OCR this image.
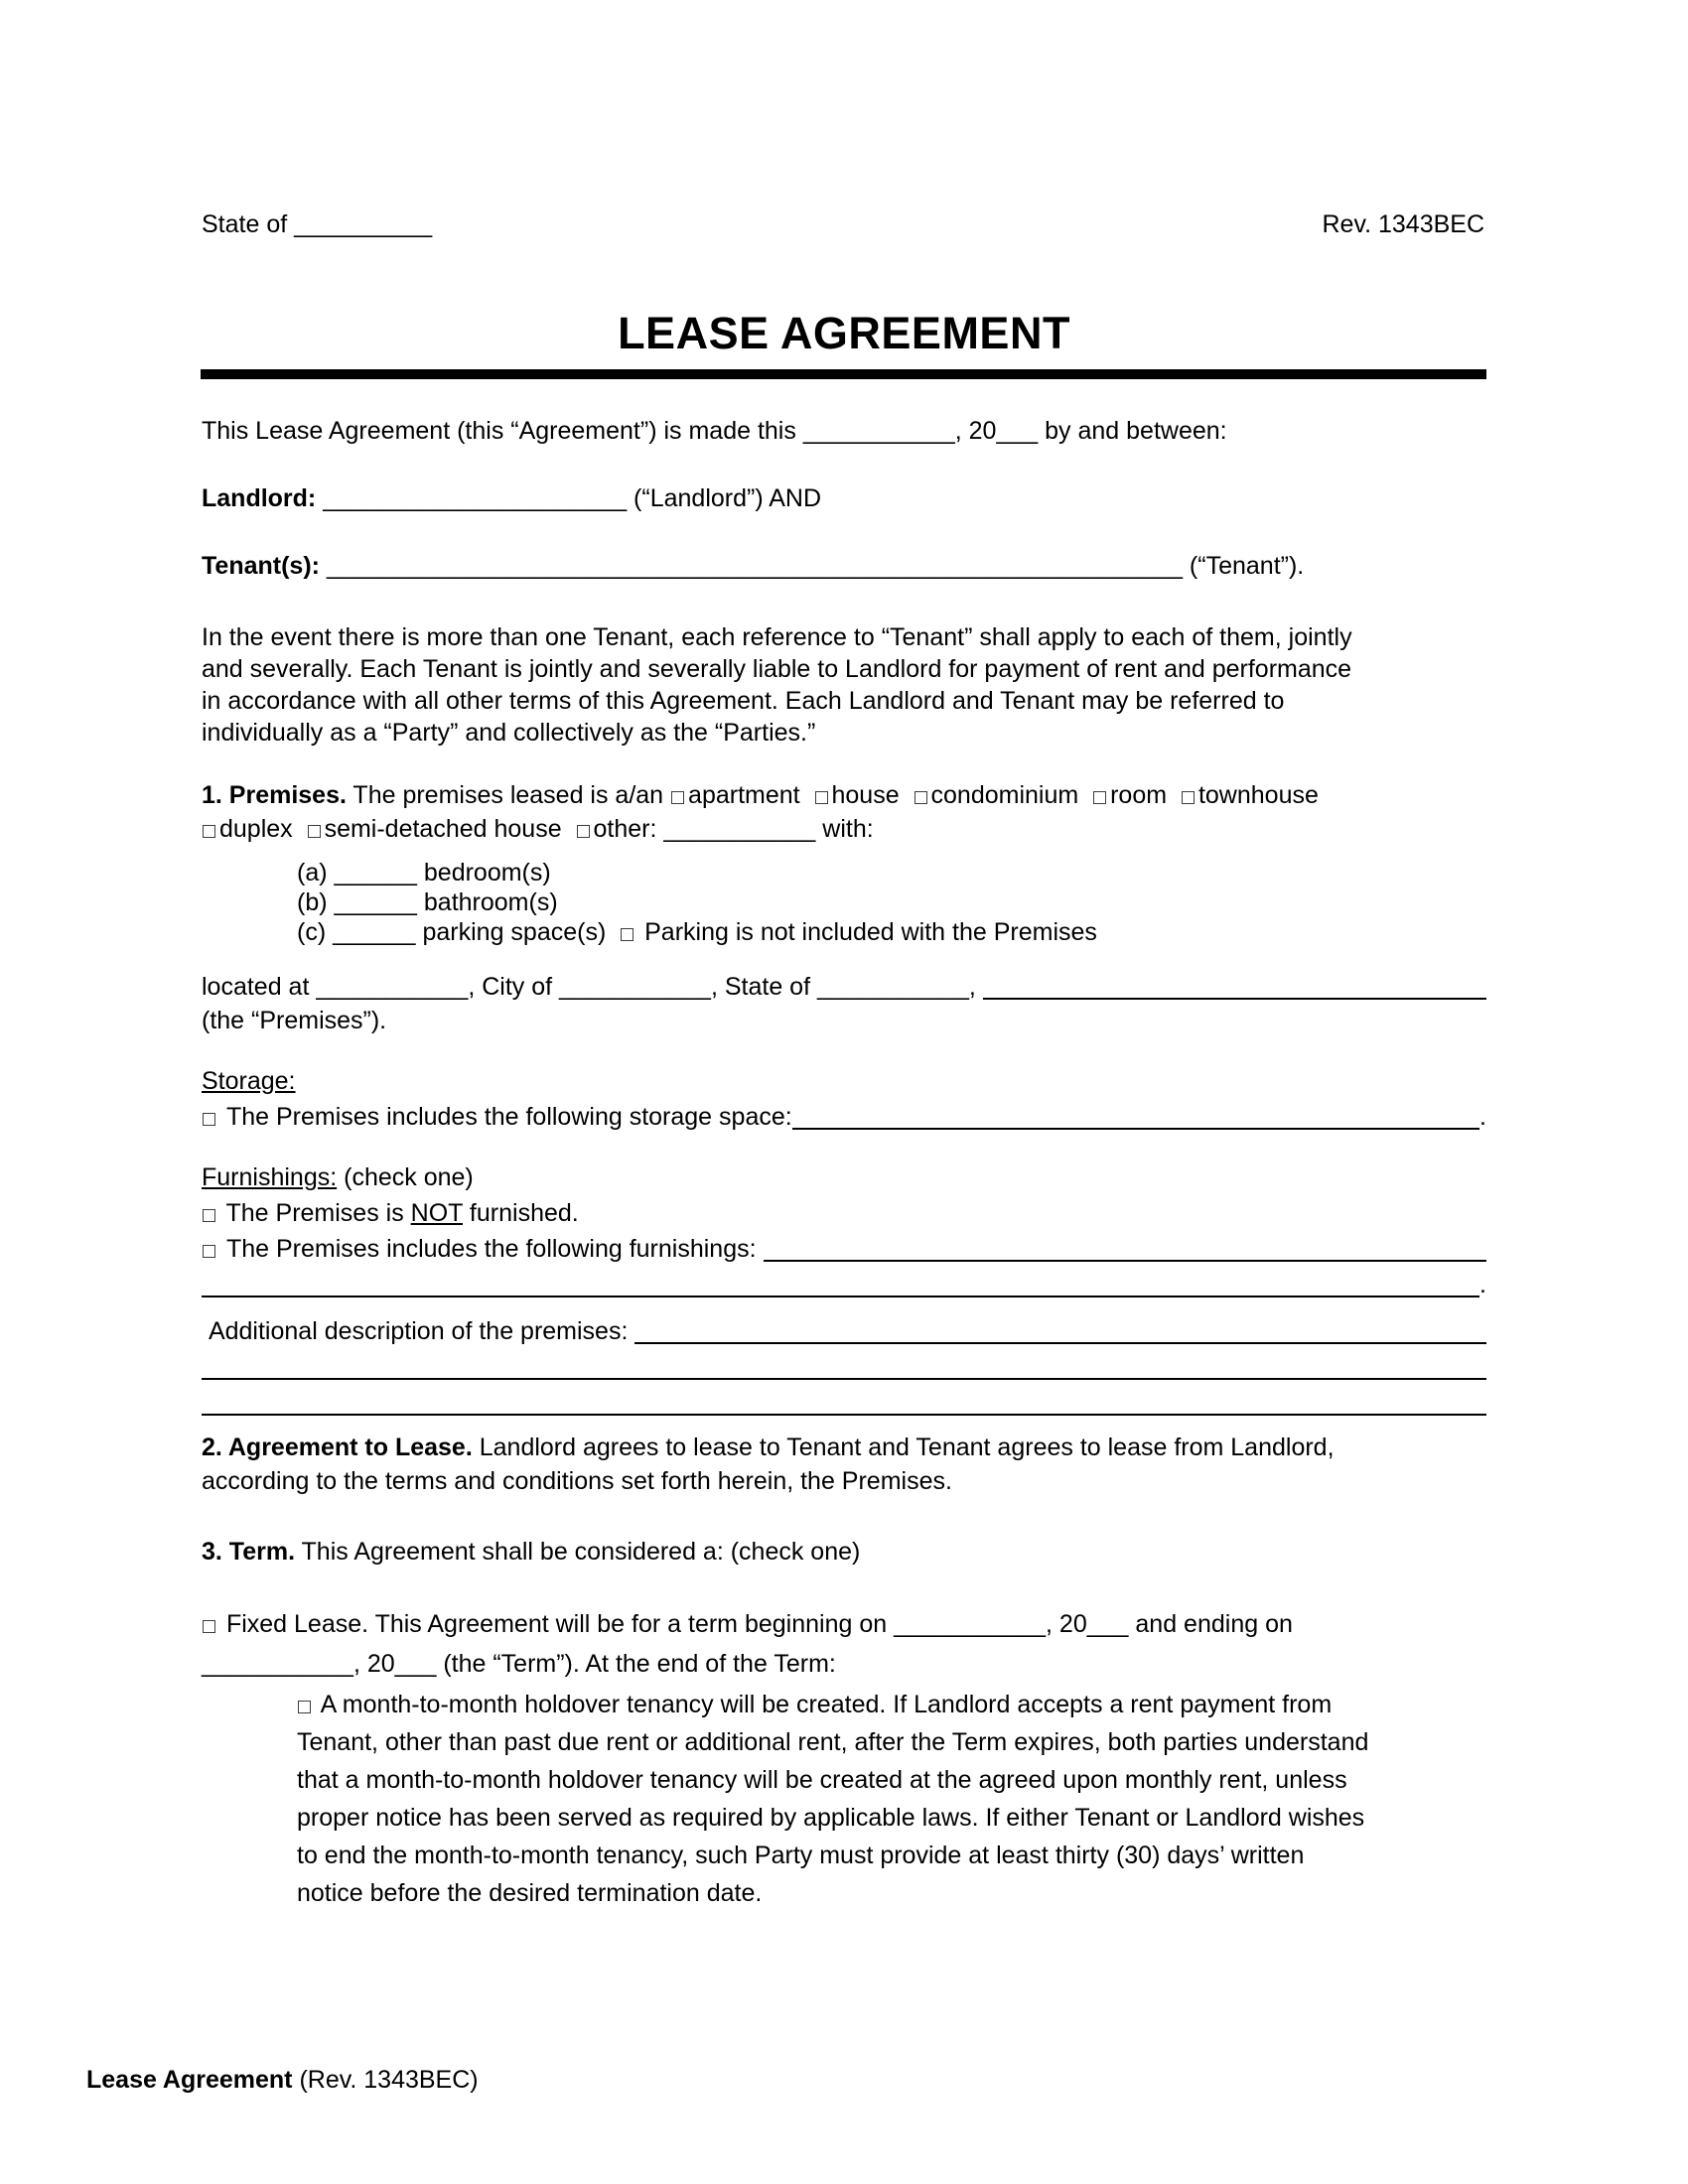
State of __________	Rev. 1343BEC
LEASE AGREEMENT
This Lease Agreement (this “Agreement”) is made this ___________, 20___ by and between:
Landlord: ______________________ (“Landlord”) AND
Tenant(s): ______________________________________________________________ (“Tenant”).
In the event there is more than one Tenant, each reference to “Tenant” shall apply to each of them, jointly
and severally. Each Tenant is jointly and severally liable to Landlord for payment of rent and performance
in accordance with all other terms of this Agreement. Each Landlord and Tenant may be referred to
individually as a “Party” and collectively as the “Parties.”
1. Premises. The premises leased is a/an apartment  house  condominium  room  townhouse
duplex  semi-detached house  other: ___________ with:
(a) ______ bedroom(s)
(b) ______ bathroom(s)
(c) ______ parking space(s)   Parking is not included with the Premises
​ located at ___________ , City of ___________ , State of ___________ ,
(the “Premises”).
Storage:
​  The Premises includes the following storage space:	.
Furnishings: (check one)
The Premises is NOT furnished.
​  The Premises includes the following furnishings:
​ .
​  Additional description of the premises:
​
​
2. Agreement to Lease. Landlord agrees to lease to Tenant and Tenant agrees to lease from Landlord,
according to the terms and conditions set forth herein, the Premises.
3. Term. This Agreement shall be considered a: (check one)
Fixed Lease. This Agreement will be for a term beginning on ___________, 20___ and ending on
___________, 20___ (the “Term”). At the end of the Term:
A month-to-month holdover tenancy will be created. If Landlord accepts a rent payment from
Tenant, other than past due rent or additional rent, after the Term expires, both parties understand
that a month-to-month holdover tenancy will be created at the agreed upon monthly rent, unless
proper notice has been served as required by applicable laws. If either Tenant or Landlord wishes
to end the month-to-month tenancy, such Party must provide at least thirty (30) days’ written
notice before the desired termination date.
Lease Agreement (Rev. 1343BEC)
